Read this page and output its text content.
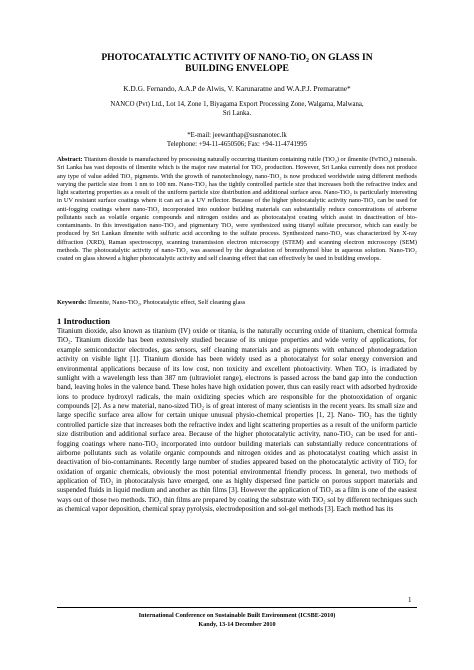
PHOTOCATALYTIC ACTIVITY OF NANO-TiO₂ ON GLASS IN
BUILDING ENVELOPE
K.D.G. Fernando, A.A.P de Alwis, V. Karunaratne and W.A.P.J. Premaratne*
NANCO (Pvt) Ltd., Lot 14, Zone 1, Biyagama Export Processing Zone, Walgama, Malwana,
Sri Lanka.
*E-mail: jeewanthap@susnanotec.lk
Telephone: +94-11-4650506; Fax: +94-11-4741995
Abstract: Titanium dioxide is manufactured by processing naturally occurring titanium containing rutile (TiO₂) or ilmenite (FeTiO₃) minerals. Sri Lanka has vast deposits of ilmenite which is the major raw material for TiO₂ production. However, Sri Lanka currently does not produce any type of value added TiO₂ pigments. With the growth of nanotechnology, nano-TiO₂ is now produced worldwide using different methods varying the particle size from 1 nm to 100 nm. Nano-TiO₂ has the tightly controlled particle size that increases both the refractive index and light scattering properties as a result of the uniform particle size distribution and additional surface area. Nano-TiO₂ is particularly interesting in UV resistant surface coatings where it can act as a UV reflector. Because of the higher photocatalytic activity nano-TiO₂ can be used for anti-fogging coatings where nano-TiO₂ incorporated into outdoor building materials can substantially reduce concentrations of airborne pollutants such as volatile organic compounds and nitrogen oxides and as photocatalyst coating which assist in deactivation of bio-contaminants. In this investigation nano-TiO₂ and pigmentary TiO₂ were synthesized using titanyl sulfate precursor, which can easily be produced by Sri Lankan ilmenite with sulfuric acid according to the sulfate process. Synthesized nano-TiO₂ was characterized by X-ray diffraction (XRD), Raman spectroscopy, scanning transmission electron microscopy (STEM) and scanning electron microscopy (SEM) methods. The photocatalytic activity of nano-TiO₂ was assessed by the degradation of bromothymol blue in aqueous solution. Nano-TiO₂ coated on glass showed a higher photocatalytic activity and self cleaning effect that can effectively be used in building envelops.
Keywords: Ilmenite, Nano-TiO₂, Photocatalytic effect, Self cleaning glass
1 Introduction
Titanium dioxide, also known as titanium (IV) oxide or titania, is the naturally occurring oxide of titanium, chemical formula TiO₂. Titanium dioxide has been extensively studied because of its unique properties and wide verity of applications, for example semiconductor electrodes, gas sensors, self cleaning materials and as pigments with enhanced photodegradation activity on visible light [1]. Titanium dioxide has been widely used as a photocatalyst for solar energy conversion and environmental applications because of its low cost, non toxicity and excellent photoactivity. When TiO₂ is irradiated by sunlight with a wavelength less than 387 nm (ultraviolet range), electrons is passed across the band gap into the conduction band, leaving holes in the valence band. These holes have high oxidation power, thus can easily react with adsorbed hydroxide ions to produce hydroxyl radicals, the main oxidizing species which are responsible for the photooxidation of organic compounds [2]. As a new material, nano-sized TiO₂ is of great interest of many scientists in the recent years. Its small size and large specific surface area allow for certain unique unusual physio-chemical properties [1, 2]. Nano- TiO₂ has the tightly controlled particle size that increases both the refractive index and light scattering properties as a result of the uniform particle size distribution and additional surface area. Because of the higher photocatalytic activity, nano-TiO₂ can be used for anti-fogging coatings where nano-TiO₂ incorporated into outdoor building materials can substantially reduce concentrations of airborne pollutants such as volatile organic compounds and nitrogen oxides and as photocatalyst coating which assist in deactivation of bio-contaminants. Recently large number of studies appeared based on the photocatalytic activity of TiO₂ for oxidation of organic chemicals, obviously the most potential environmental friendly process. In general, two methods of application of TiO₂ in photocatalysis have emerged, one as highly dispersed fine particle on porous support materials and suspended fluids in liquid medium and another as thin films [3]. However the application of TiO₂ as a film is one of the easiest ways out of those two methods. TiO₂ thin films are prepared by coating the substrate with TiO₂ sol by different techniques such as chemical vapor deposition, chemical spray pyrolysis, electrodeposition and sol-gel methods [3]. Each method has its
1
International Conference on Sustainable Built Environment (ICSBE-2010)
Kandy, 13-14 December 2010
